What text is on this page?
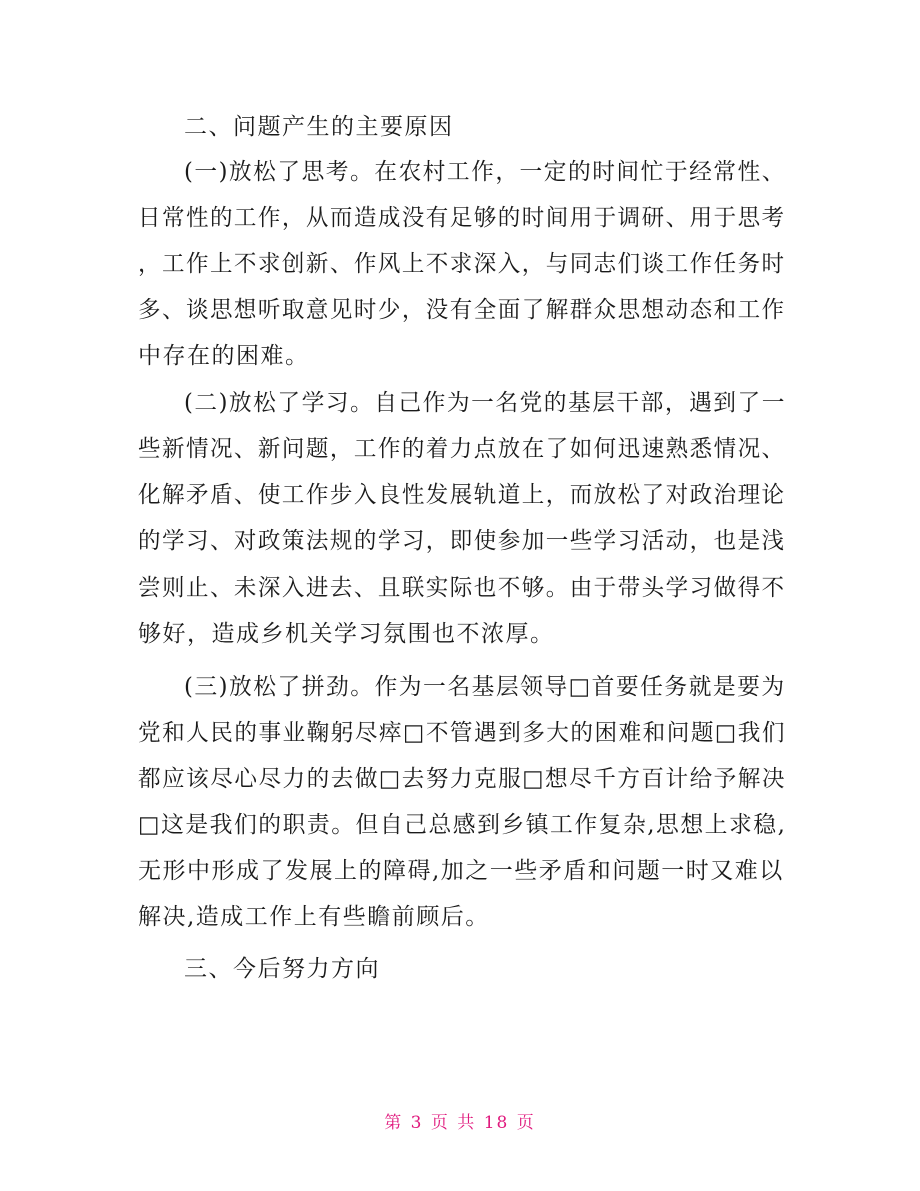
二、问题产生的主要原因
(一)放松了思考。在农村工作，一定的时间忙于经常性、
日常性的工作，从而造成没有足够的时间用于调研、用于思考
，工作上不求创新、作风上不求深入，与同志们谈工作任务时
多、谈思想听取意见时少，没有全面了解群众思想动态和工作
中存在的困难。
(二)放松了学习。自己作为一名党的基层干部，遇到了一
些新情况、新问题，工作的着力点放在了如何迅速熟悉情况、
化解矛盾、使工作步入良性发展轨道上，而放松了对政治理论
的学习、对政策法规的学习，即使参加一些学习活动，也是浅
尝则止、未深入进去、且联实际也不够。由于带头学习做得不
够好，造成乡机关学习氛围也不浓厚。
(三)放松了拼劲。作为一名基层领导□首要任务就是要为
党和人民的事业鞠躬尽瘁□不管遇到多大的困难和问题□我们
都应该尽心尽力的去做□去努力克服□想尽千方百计给予解决
□这是我们的职责。但自己总感到乡镇工作复杂,思想上求稳,
无形中形成了发展上的障碍,加之一些矛盾和问题一时又难以
解决,造成工作上有些瞻前顾后。
三、今后努力方向
第 3 页 共 18 页
